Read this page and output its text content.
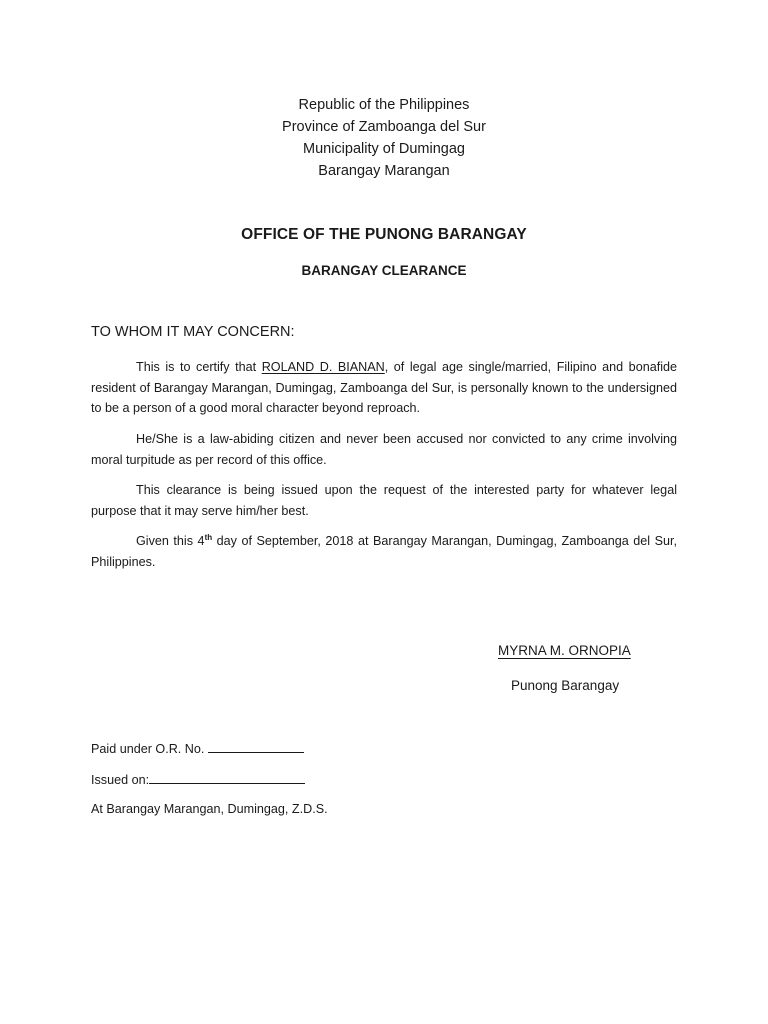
Republic of the Philippines
Province of Zamboanga del Sur
Municipality of Dumingag
Barangay Marangan
OFFICE OF THE PUNONG BARANGAY
BARANGAY CLEARANCE
TO WHOM IT MAY CONCERN:
This is to certify that ROLAND D. BIANAN, of legal age single/married, Filipino and bonafide resident of Barangay Marangan, Dumingag, Zamboanga del Sur, is personally known to the undersigned to be a person of a good moral character beyond reproach.
He/She is a law-abiding citizen and never been accused nor convicted to any crime involving moral turpitude as per record of this office.
This clearance is being issued upon the request of the interested party for whatever legal purpose that it may serve him/her best.
Given this 4th day of September, 2018 at Barangay Marangan, Dumingag, Zamboanga del Sur, Philippines.
MYRNA M. ORNOPIA
Punong Barangay
Paid under O.R. No.
Issued on:
At Barangay Marangan, Dumingag, Z.D.S.
